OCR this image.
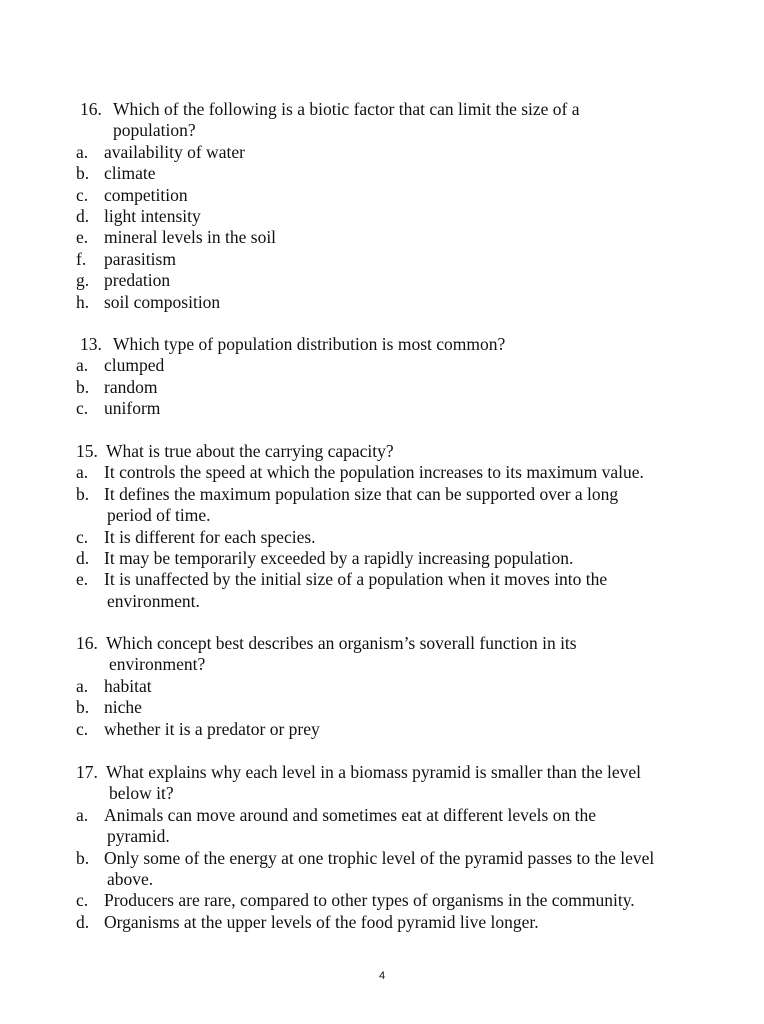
16. Which of the following is a biotic factor that can limit the size of a
population?
a. availability of water
b. climate
c. competition
d. light intensity
e. mineral levels in the soil
f.	parasitism
g. predation
h. soil composition
13. Which type of population distribution is most common?
a. clumped
b. random
c. uniform
15. What is true about the carrying capacity?
a. It controls the speed at which the population increases to its maximum value.
b. It defines the maximum population size that can be supported over a long
period of time.
c. It is different for each species.
d. It may be temporarily exceeded by a rapidly increasing population.
e. It is unaffected by the initial size of a population when it moves into the
environment.
16. Which concept best describes an organism’s soverall function in its
environment?
a. habitat
b. niche
c. whether it is a predator or prey
17. What explains why each level in a biomass pyramid is smaller than the level
below it?
a. Animals can move around and sometimes eat at different levels on the
pyramid.
b. Only some of the energy at one trophic level of the pyramid passes to the level
above.
c. Producers are rare, compared to other types of organisms in the community.
d. Organisms at the upper levels of the food pyramid live longer.
4
